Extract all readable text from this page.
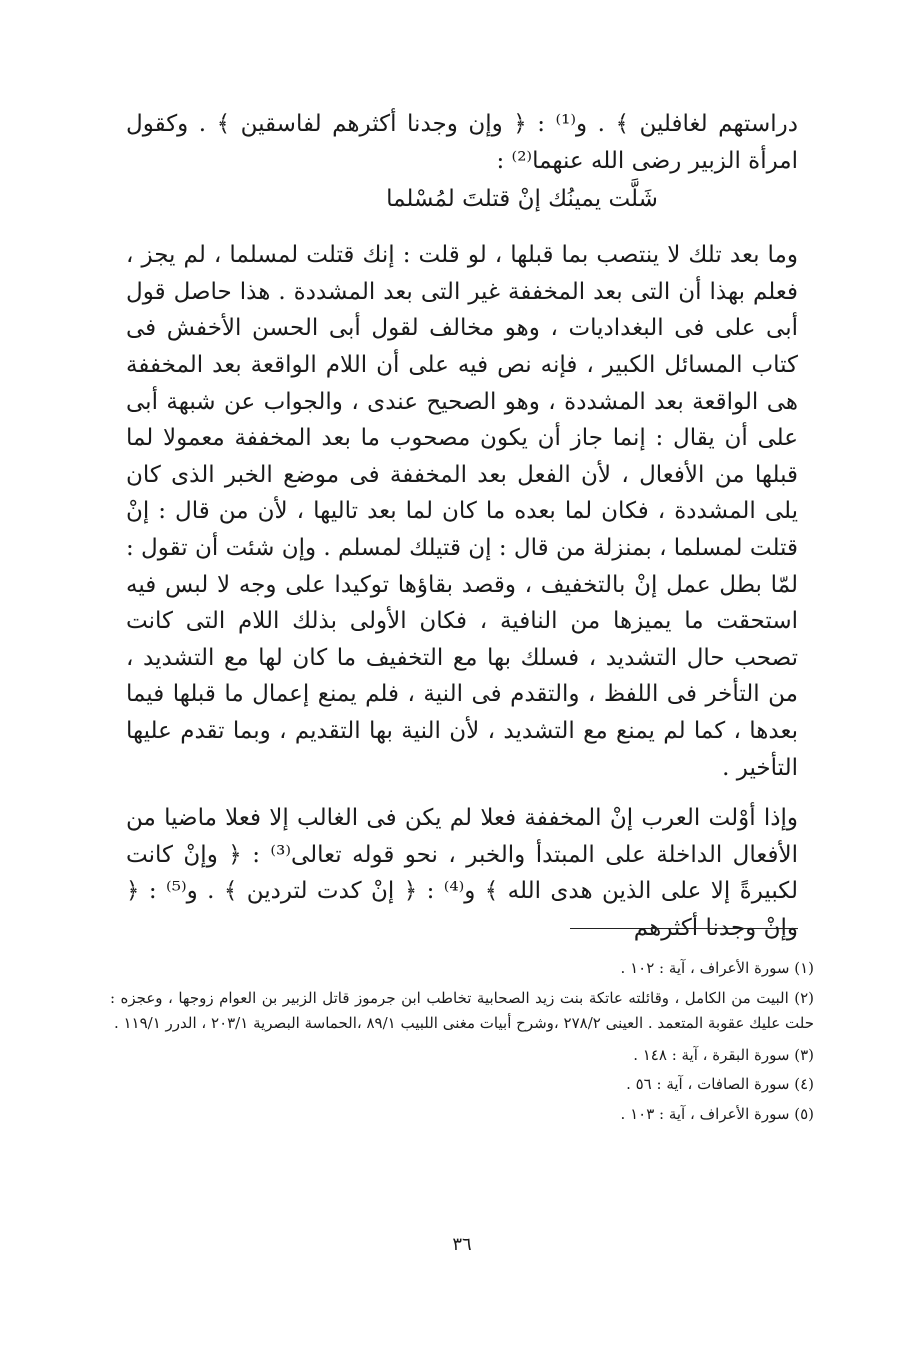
دراستهم لغافلين ﴾ . و⁽¹⁾ : ﴿ وإن وجدنا أكثرهم لفاسقين ﴾ . وكقول امرأة الزبير رضى الله عنهما⁽²⁾ :

شَلَّت يمينُك إنْ قتلتَ لمُسْلما

وما بعد تلك لا ينتصب بما قبلها ، لو قلت : إنك قتلت لمسلما ، لم يجز ، فعلم بهذا أن التى بعد المخففة غير التى بعد المشددة . هذا حاصل قول أبى على فى البغداديات ، وهو مخالف لقول أبى الحسن الأخفش فى كتاب المسائل الكبير ، فإنه نص فيه على أن اللام الواقعة بعد المخففة هى الواقعة بعد المشددة ، وهو الصحيح عندى ، والجواب عن شبهة أبى على أن يقال : إنما جاز أن يكون مصحوب ما بعد المخففة معمولا لما قبلها من الأفعال ، لأن الفعل بعد المخففة فى موضع الخبر الذى كان يلى المشددة ، فكان لما بعده ما كان لما بعد تاليها ، لأن من قال : إنْ قتلت لمسلما ، بمنزلة من قال : إن قتيلك لمسلم . وإن شئت أن تقول : لمّا بطل عمل إنْ بالتخفيف ، وقصد بقاؤها توكيدا على وجه لا لبس فيه استحقت ما يميزها من النافية ، فكان الأولى بذلك اللام التى كانت تصحب حال التشديد ، فسلك بها مع التخفيف ما كان لها مع التشديد ، من التأخر فى اللفظ ، والتقدم فى النية ، فلم يمنع إعمال ما قبلها فيما بعدها ، كما لم يمنع مع التشديد ، لأن النية بها التقديم ، وبما تقدم عليها التأخير .

وإذا أوْلت العرب إنْ المخففة فعلا لم يكن فى الغالب إلا فعلا ماضيا من الأفعال الداخلة على المبتدأ والخبر ، نحو قوله تعالى⁽³⁾ : ﴿ وإنْ كانت لكبيرةً إلا على الذين هدى الله ﴾ و⁽⁴⁾ : ﴿ إنْ كدت لتردين ﴾ . و⁽⁵⁾ : ﴿ وإنْ وجدنا أكثرهم

(١) سورة الأعراف ، آية : ١٠٢ .

(٢) البيت من الكامل ، وقائلته عاتكة بنت زيد الصحابية تخاطب ابن جرموز قاتل الزبير بن العوام زوجها ، وعجزه : حلت عليك عقوبة المتعمد . العينى ٢٧٨/٢ ،وشرح أبيات مغنى اللبيب ٨٩/١ ،الحماسة البصرية ٢٠٣/١ ، الدرر ١١٩/١ .

(٣) سورة البقرة ، آية : ١٤٨ .

(٤) سورة الصافات ، آية : ٥٦ .

(٥) سورة الأعراف ، آية : ١٠٣ .

٣٦
